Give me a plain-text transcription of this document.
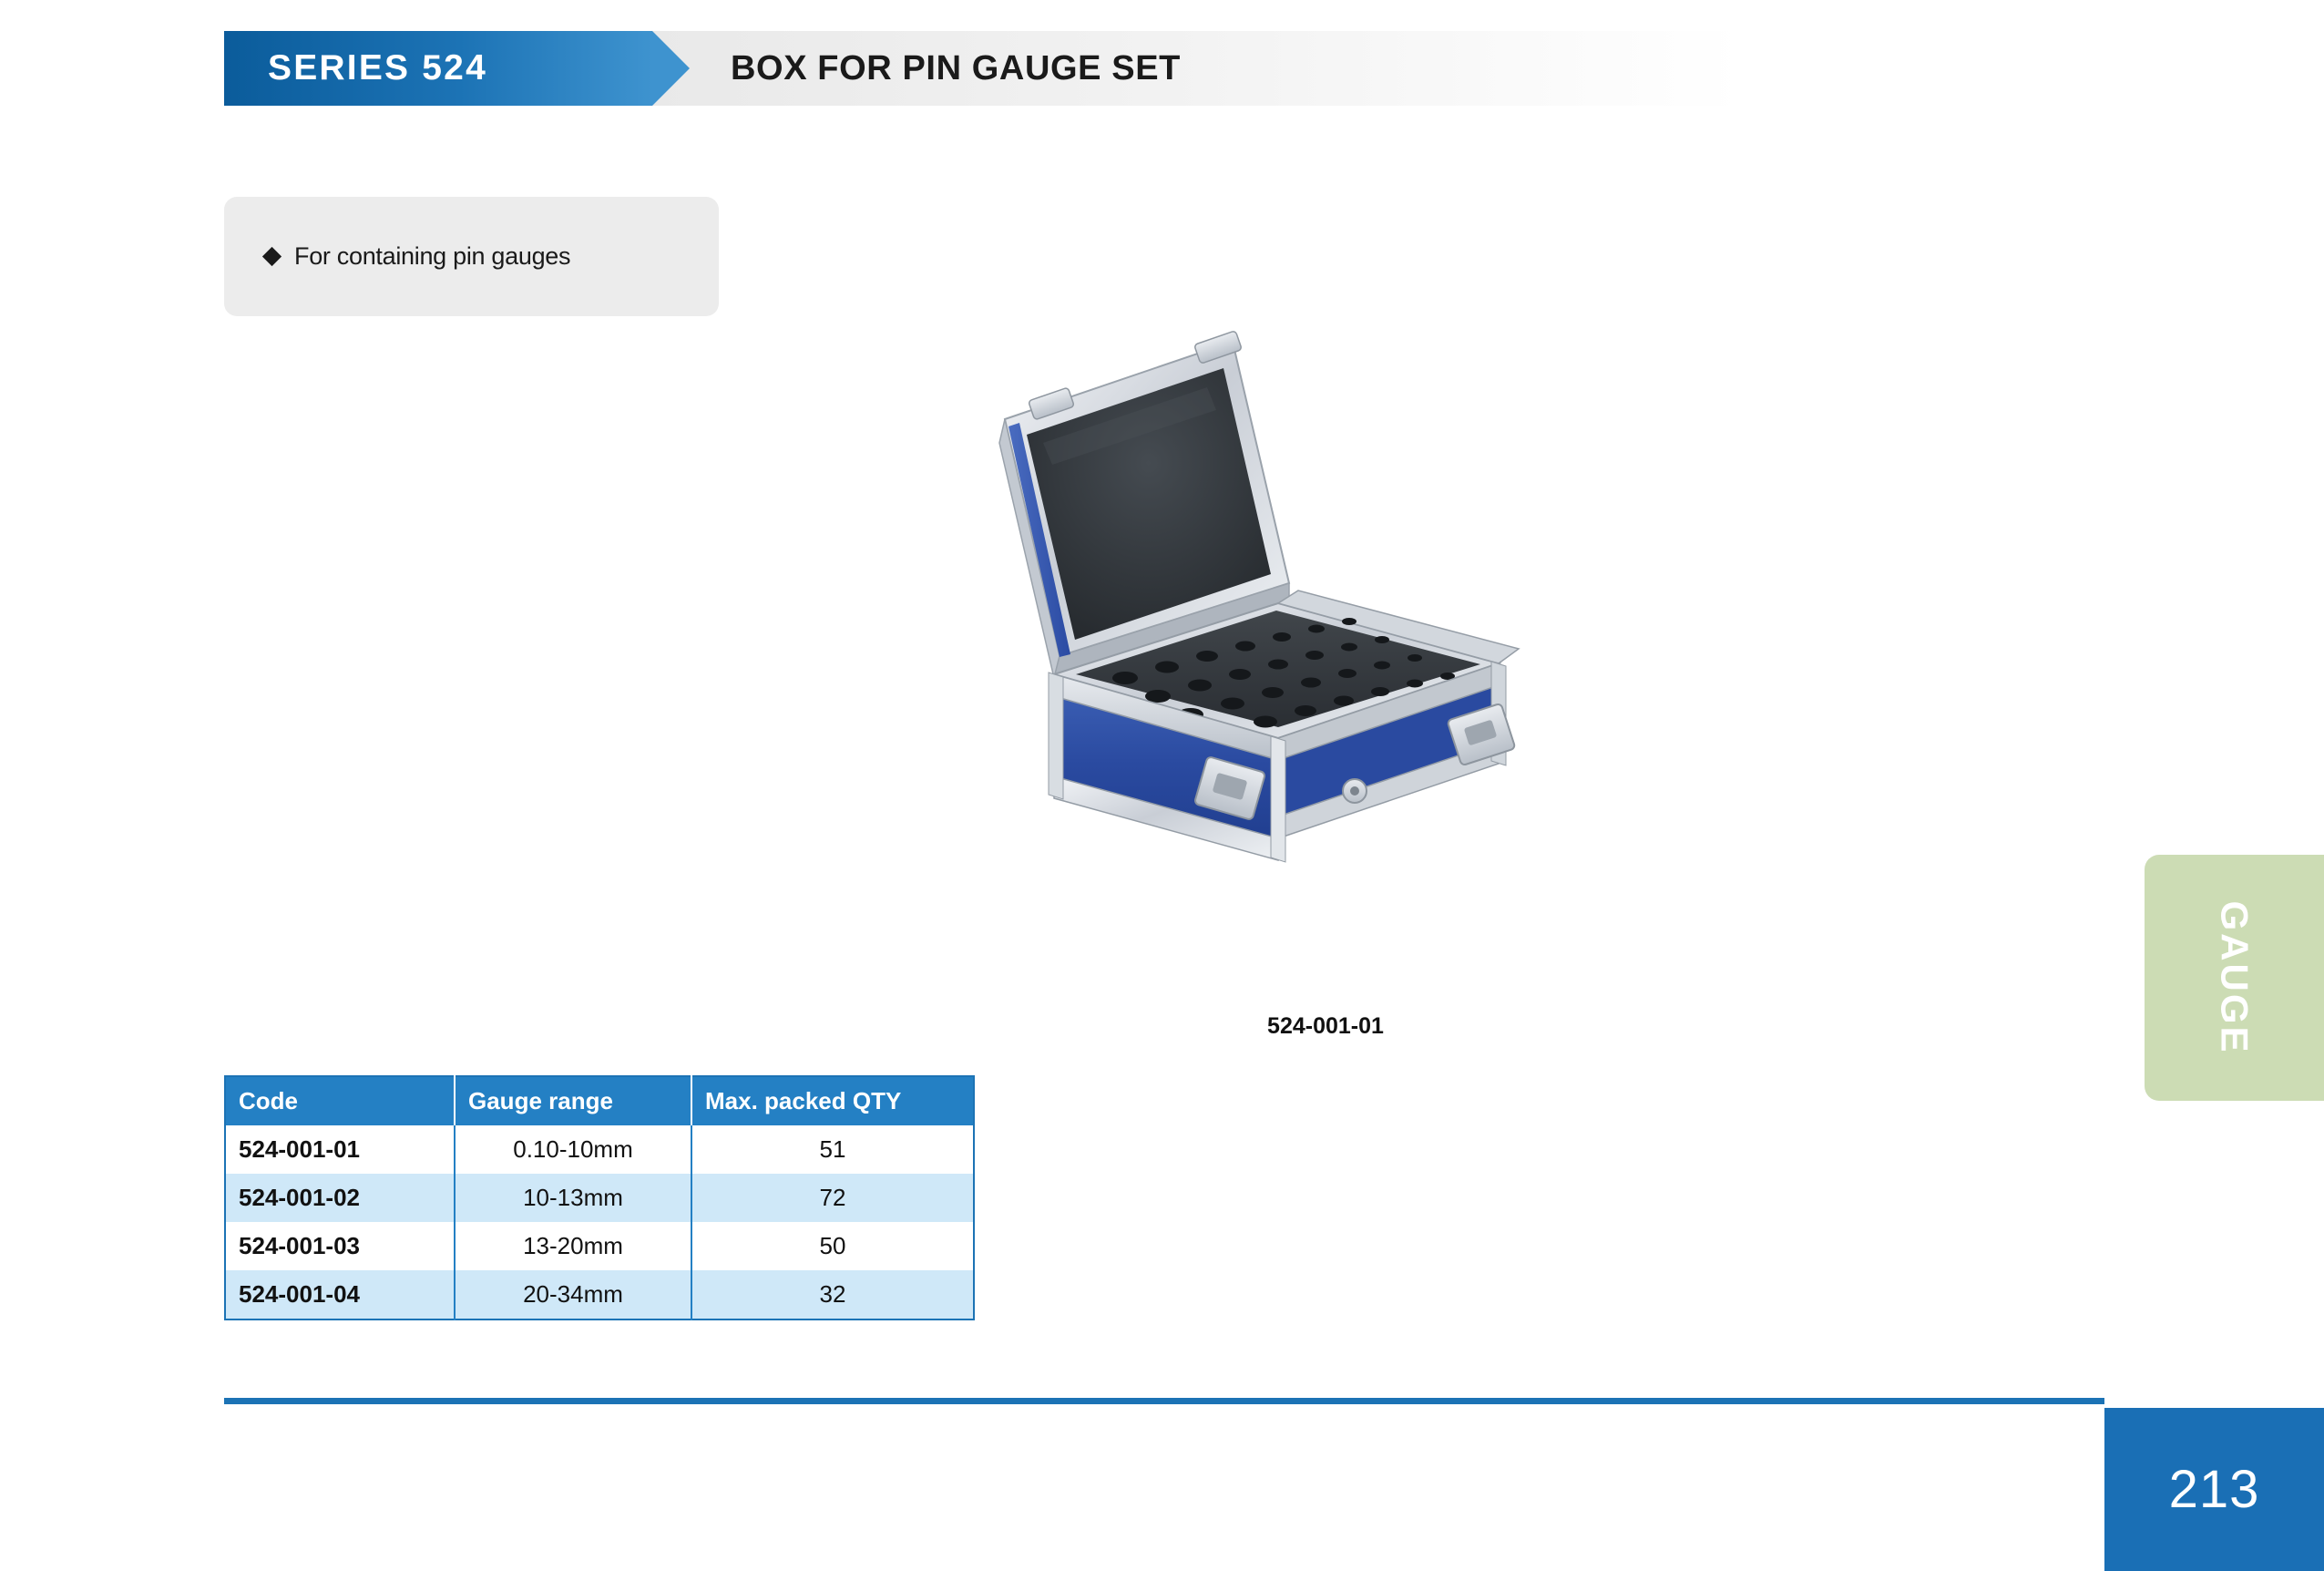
SERIES 524	BOX FOR PIN GAUGE SET
For containing pin gauges
524-001-01
Code	Gauge range	Max. packed QTY
524-001-01	0.10-10mm	51
524-001-02	10-13mm	72
524-001-03	13-20mm	50
524-001-04	20-34mm	32
213
GAUGE
